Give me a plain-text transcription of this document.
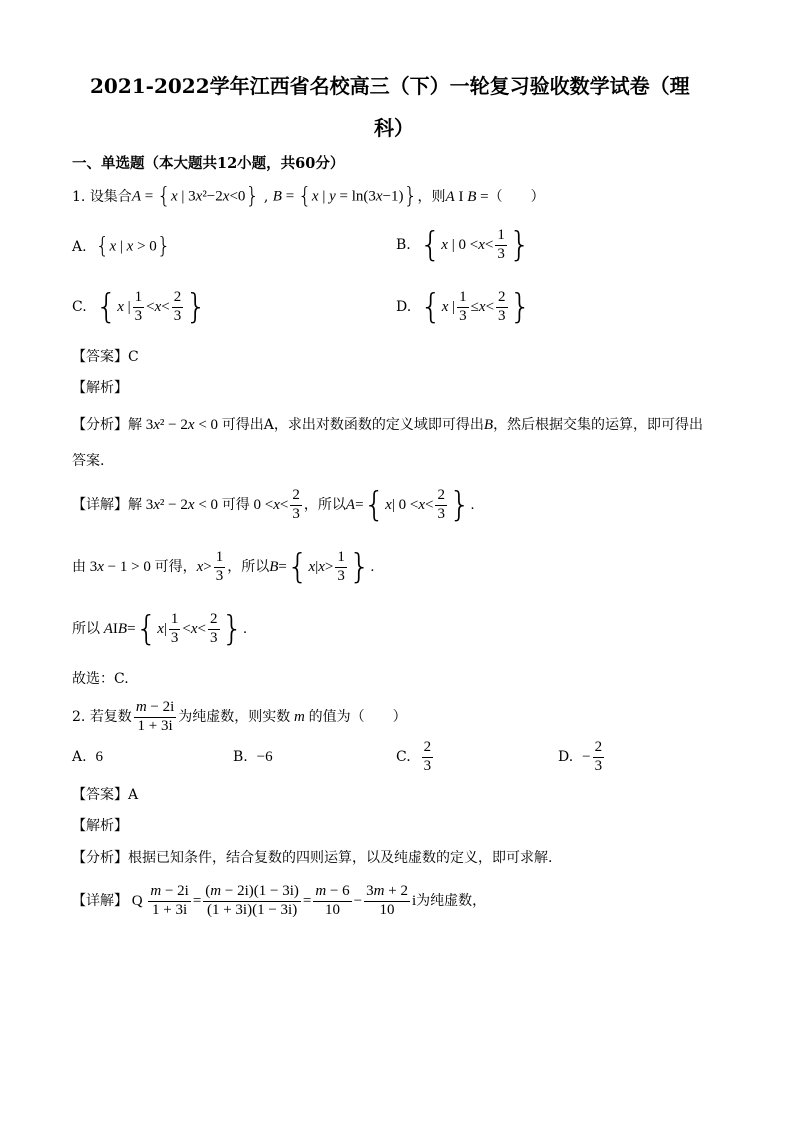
2021-2022学年江西省名校高三（下）一轮复习验收数学试卷（理
科）
一、单选题（本大题共12小题，共60分）
1.
设集合 A = {x | 3x²−2x<0} , B = {x | y = ln(3x−1)} ，则 A I B = （　　）
A.
{x | x > 0}	B.
{ x | $0 < x < \frac{1}{3}$ }
C.
{ x | $\frac{1}{3} < x < \frac{2}{3}$ }	D.
{ x | $\frac{1}{3} \le x < \frac{2}{3}$ }
【答案】C
【解析】
【分析】解 3x² − 2x < 0 可得出A，求出对数函数的定义域即可得出B，然后根据交集的运算，即可得出
答案.
【详解】 解 3x² − 2x < 0 可得 $0 < x < \frac{2}{3}$ ，所以 A = { x | $0 < x < \frac{2}{3}$ } .
由 3x − 1 > 0 可得， $x > \frac{1}{3}$ ，所以 B = { x | $x > \frac{1}{3}$ } .
所以
A I B = { x | $\frac{1}{3} < x < \frac{2}{3}$ } .
故选：C.
2.
若复数 $\frac{m - 2i}{1 + 3i}$ 为纯虚数，则实数 m 的值为（　　）
A. 6	B. −6	C.
$\frac{2}{3}$	D.
− $\frac{2}{3}$
【答案】A
【解析】
【分析】根据已知条件，结合复数的四则运算，以及纯虚数的定义，即可求解.
【详解】 Q $\frac{m - 2i}{1 + 3i} = \frac{(m - 2i)(1 - 3i)}{(1 + 3i)(1 - 3i)} = \frac{m - 6}{10} - \frac{3m + 2}{10}$ i 为纯虚数，
